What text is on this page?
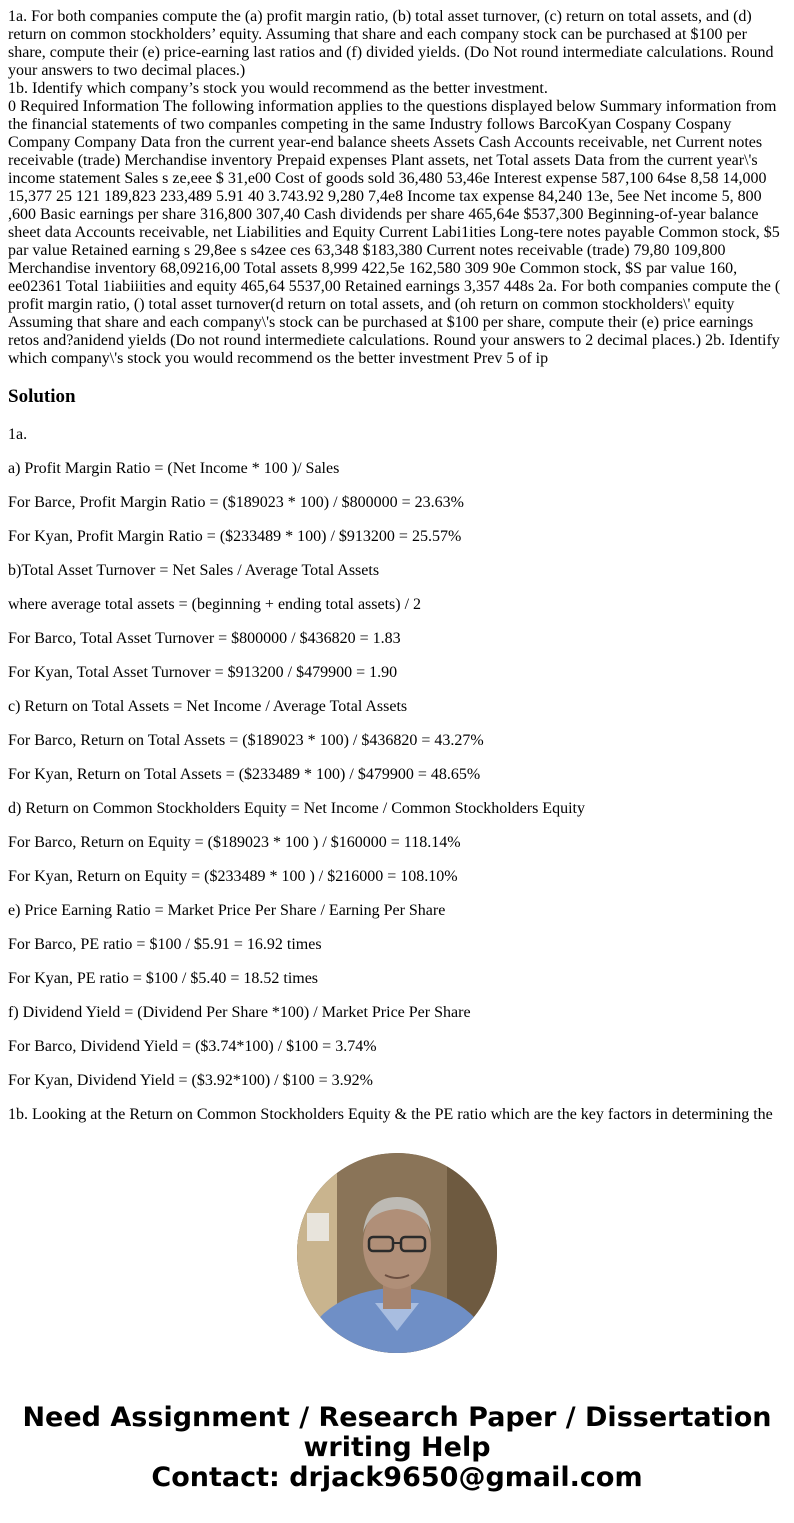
1a. For both companies compute the (a) profit margin ratio, (b) total asset turnover, (c) return on total assets, and (d) return on common stockholders’ equity. Assuming that share and each company stock can be purchased at $100 per share, compute their (e) price-earning last ratios and (f) divided yields. (Do Not round intermediate calculations. Round your answers to two decimal places.)
1b. Identify which company’s stock you would recommend as the better investment.
0 Required Information The following information applies to the questions displayed below Summary information from the financial statements of two companles competing in the same Industry follows BarcoKyan Cospany Cospany Company Company Data fron the current year-end balance sheets Assets Cash Accounts receivable, net Current notes receivable (trade) Merchandise inventory Prepaid expenses Plant assets, net Total assets Data from the current year\'s income statement Sales s ze,eee $ 31,e00 Cost of goods sold 36,480 53,46e Interest expense 587,100 64se 8,58 14,000 15,377 25 121 189,823 233,489 5.91 40 3.743.92 9,280 7,4e8 Income tax expense 84,240 13e, 5ee Net income 5, 800 ,600 Basic earnings per share 316,800 307,40 Cash dividends per share 465,64e $537,300 Beginning-of-year balance sheet data Accounts receivable, net Liabilities and Equity Current Labi1ities Long-tere notes payable Common stock, $5 par value Retained earning s 29,8ee s s4zee ces 63,348 $183,380 Current notes receivable (trade) 79,80 109,800 Merchandise inventory 68,09216,00 Total assets 8,999 422,5e 162,580 309 90e Common stock, $S par value 160, ee02361 Total 1iabiiities and equity 465,64 5537,00 Retained earnings 3,357 448s 2a. For both companies compute the ( profit margin ratio, () total asset turnover(d return on total assets, and (oh return on common stockholders\' equity Assuming that share and each company\'s stock can be purchased at $100 per share, compute their (e) price earnings retos and?anidend yields (Do not round intermediete calculations. Round your answers to 2 decimal places.) 2b. Identify which company\'s stock you would recommend os the better investment Prev 5 of ip
Solution

1a.

a) Profit Margin Ratio = (Net Income * 100 )/ Sales

For Barce, Profit Margin Ratio = ($189023 * 100) / $800000 = 23.63%

For Kyan, Profit Margin Ratio = ($233489 * 100) / $913200 = 25.57%

b)Total Asset Turnover = Net Sales / Average Total Assets

where average total assets = (beginning + ending total assets) / 2

For Barco, Total Asset Turnover = $800000 / $436820 = 1.83

For Kyan, Total Asset Turnover = $913200 / $479900 = 1.90

c) Return on Total Assets = Net Income / Average Total Assets

For Barco, Return on Total Assets = ($189023 * 100) / $436820 = 43.27%

For Kyan, Return on Total Assets = ($233489 * 100) / $479900 = 48.65%

d) Return on Common Stockholders Equity = Net Income / Common Stockholders Equity

For Barco, Return on Equity = ($189023 * 100 ) / $160000 = 118.14%

For Kyan, Return on Equity = ($233489 * 100 ) / $216000 = 108.10%

e) Price Earning Ratio = Market Price Per Share / Earning Per Share

For Barco, PE ratio = $100 / $5.91 = 16.92 times

For Kyan, PE ratio = $100 / $5.40 = 18.52 times

f) Dividend Yield = (Dividend Per Share *100) / Market Price Per Share

For Barco, Dividend Yield = ($3.74*100) / $100 = 3.74%

For Kyan, Dividend Yield = ($3.92*100) / $100 = 3.92%

1b. Looking at the Return on Common Stockholders Equity & the PE ratio which are the key factors in determining the

Need Assignment / Research Paper / Dissertation writing Help
Contact: drjack9650@gmail.com
